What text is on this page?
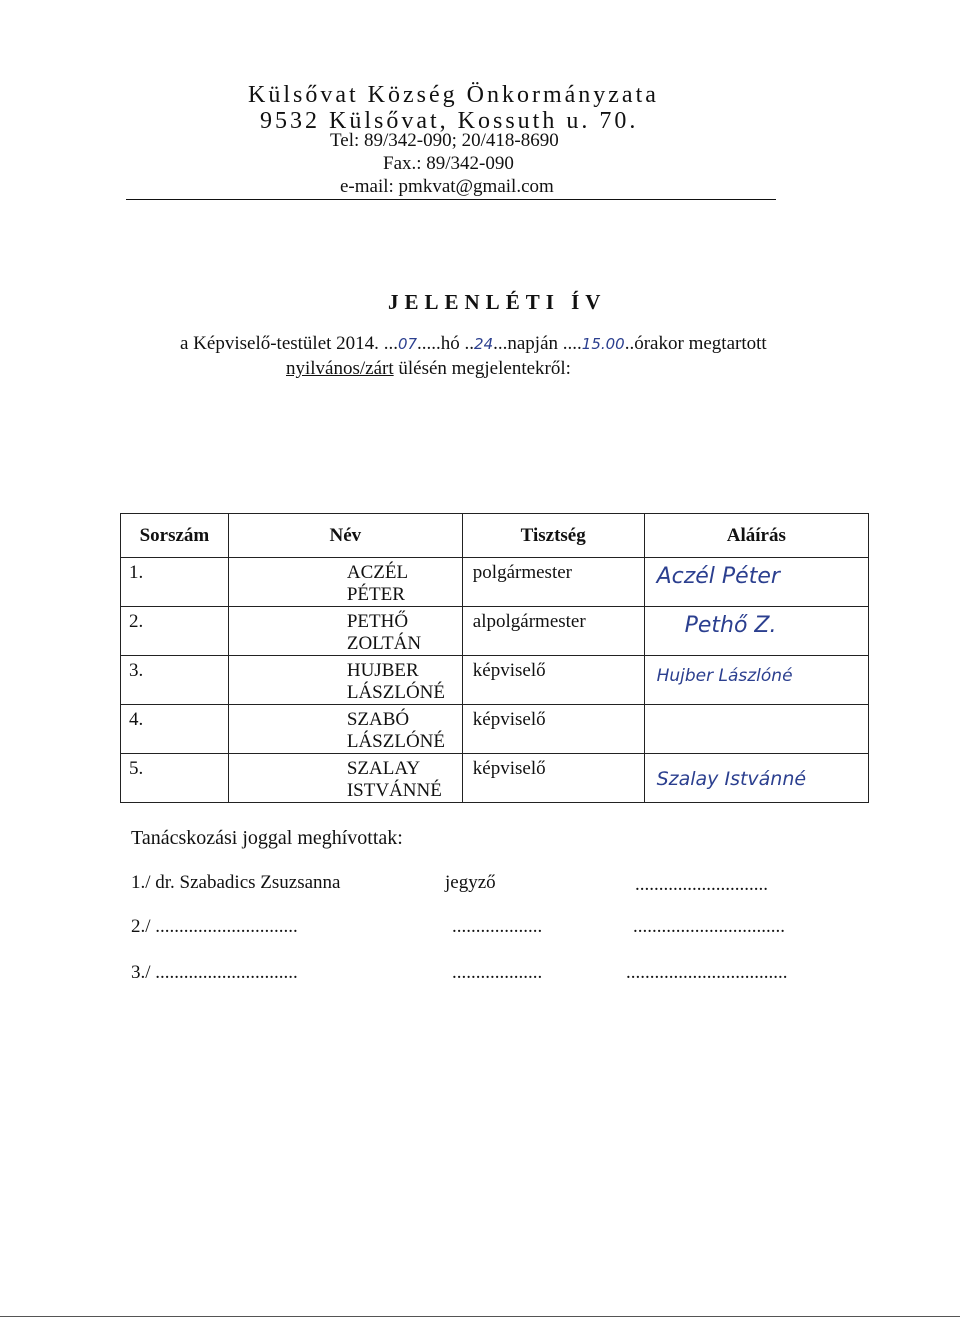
Külsővat Község Önkormányzata
9532 Külsővat, Kossuth u. 70.
Tel: 89/342-090; 20/418-8690
Fax.: 89/342-090
e-mail: pmkvat@gmail.com
JELENLÉTI ÍV
a Képviselő-testület 2014. ...07.....hó ..24...napján ....15.00..órakor megtartott
nyilvános/zárt ülésén megjelentekről:
Sorszám	Név	Tisztség	Aláírás
1.	ACZÉL PÉTER	polgármester	Aczél Péter

2.	PETHŐ ZOLTÁN	alpolgármester	Pethő Z.

3.	HUJBER LÁSZLÓNÉ	képviselő	Hujber Lászlóné

4.	SZABÓ LÁSZLÓNÉ	képviselő	

5.	SZALAY ISTVÁNNÉ	képviselő	Szalay Istvánné
Tanácskozási joggal meghívottak:
1./ dr. Szabadics Zsuzsanna	jegyző	............................
2./ ..............................	...................	................................
3./ ..............................	...................	..................................
